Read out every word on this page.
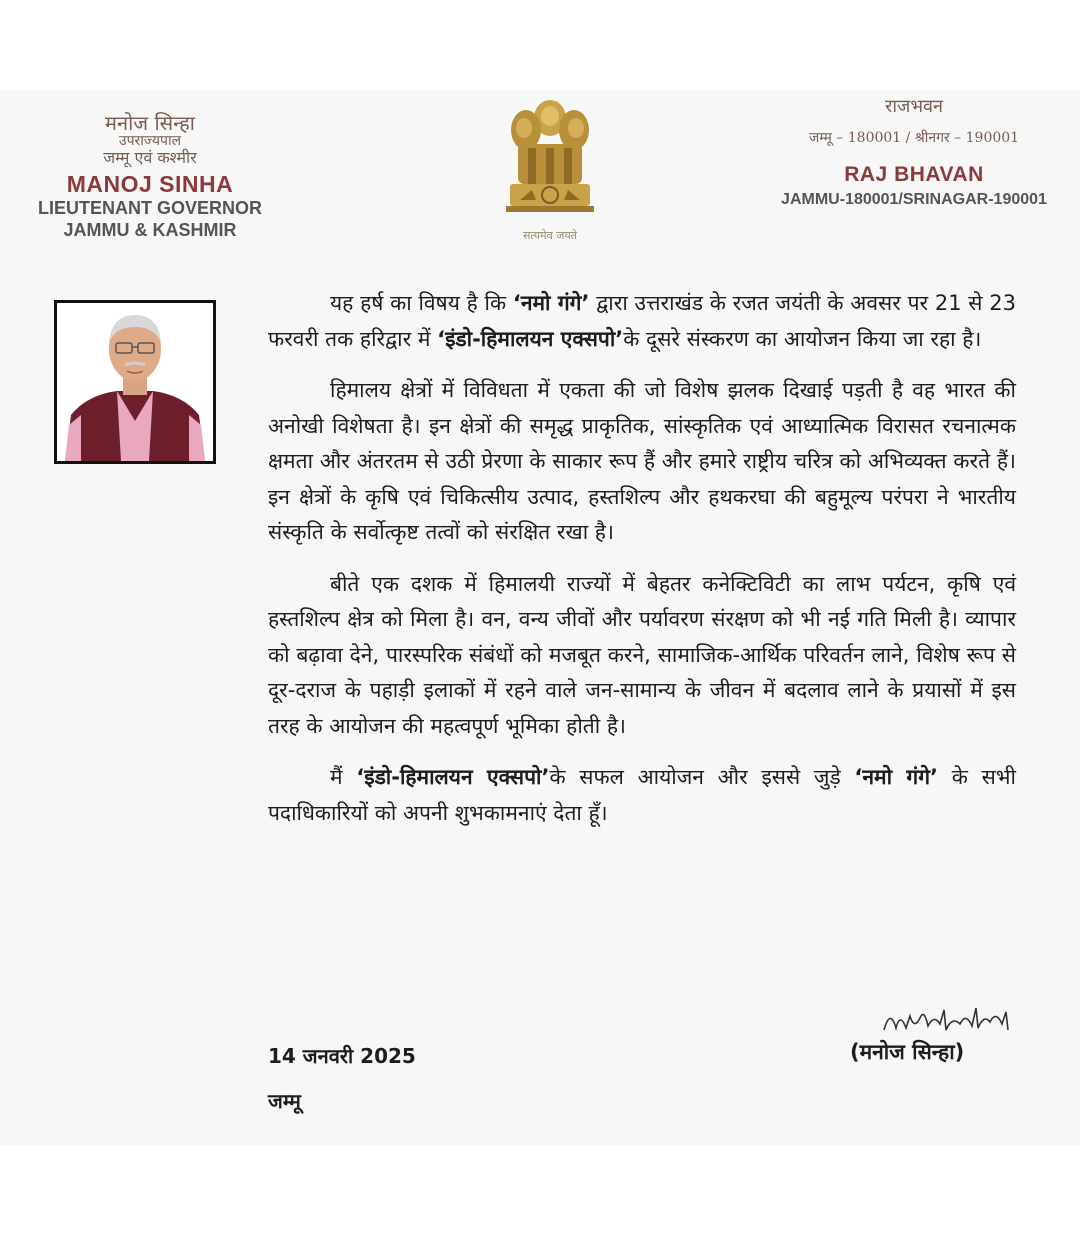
मनोज सिन्हा
उपराज्यपाल
जम्मू एवं कश्मीर
MANOJ SINHA
LIEUTENANT GOVERNOR
JAMMU & KASHMIR	सत्यमेव जयते
राजभवन
जम्मू – 180001 / श्रीनगर – 190001
RAJ BHAVAN
JAMMU-180001/SRINAGAR-190001

यह हर्ष का विषय है कि ‘नमो गंगे’ द्वारा उत्तराखंड के रजत जयंती के अवसर पर 21 से 23 फरवरी तक हरिद्वार में ‘इंडो-हिमालयन एक्सपो’के दूसरे संस्करण का आयोजन किया जा रहा है।

हिमालय क्षेत्रों में विविधता में एकता की जो विशेष झलक दिखाई पड़ती है वह भारत की अनोखी विशेषता है। इन क्षेत्रों की समृद्ध प्राकृतिक, सांस्कृतिक एवं आध्यात्मिक विरासत रचनात्मक क्षमता और अंतरतम से उठी प्रेरणा के साकार रूप हैं और हमारे राष्ट्रीय चरित्र को अभिव्यक्त करते हैं। इन क्षेत्रों के कृषि एवं चिकित्सीय उत्पाद, हस्तशिल्प और हथकरघा की बहुमूल्य परंपरा ने भारतीय संस्कृति के सर्वोत्कृष्ट तत्वों को संरक्षित रखा है।

बीते एक दशक में हिमालयी राज्यों में बेहतर कनेक्टिविटी का लाभ पर्यटन, कृषि एवं हस्तशिल्प क्षेत्र को मिला है। वन, वन्य जीवों और पर्यावरण संरक्षण को भी नई गति मिली है। व्यापार को बढ़ावा देने, पारस्परिक संबंधों को मजबूत करने, सामाजिक-आर्थिक परिवर्तन लाने, विशेष रूप से दूर-दराज के पहाड़ी इलाकों में रहने वाले जन-सामान्य के जीवन में बदलाव लाने के प्रयासों में इस तरह के आयोजन की महत्वपूर्ण भूमिका होती है।

मैं ‘इंडो-हिमालयन एक्सपो’के सफल आयोजन और इससे जुड़े ‘नमो गंगे’ के सभी पदाधिकारियों को अपनी शुभकामनाएं देता हूँ।

(मनोज सिन्हा)
14 जनवरी 2025
जम्मू
